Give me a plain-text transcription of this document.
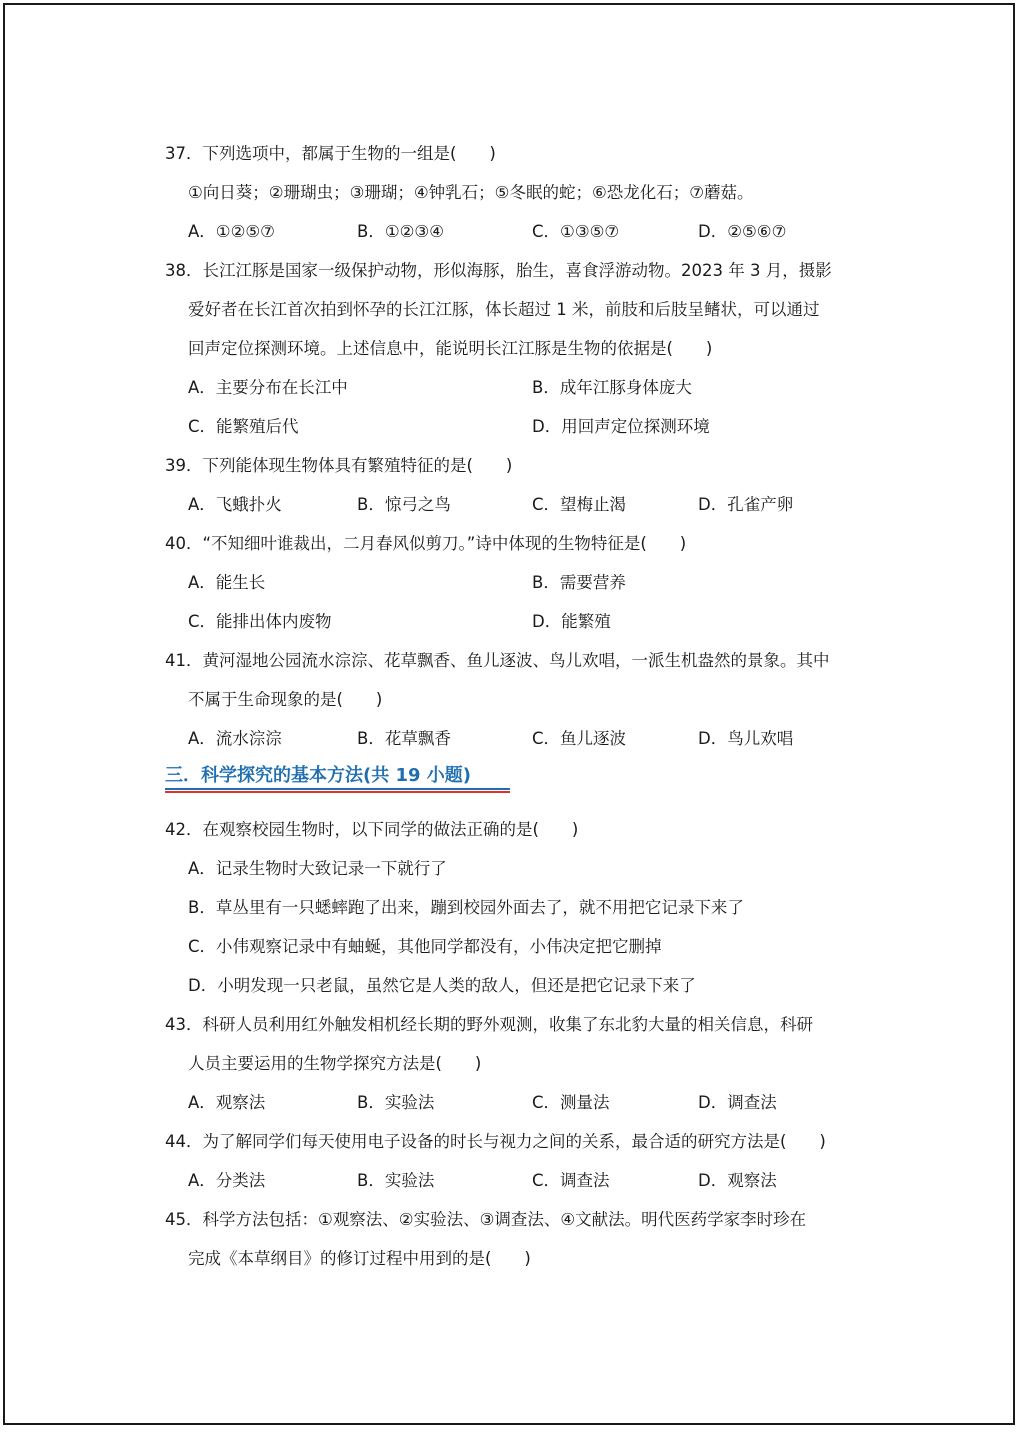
37．下列选项中，都属于生物的一组是(　　)
①向日葵；②珊瑚虫；③珊瑚；④钟乳石；⑤冬眠的蛇；⑥恐龙化石；⑦蘑菇。
A．①②⑤⑦	B．①②③④	C．①③⑤⑦	D．②⑤⑥⑦
38．长江江豚是国家一级保护动物，形似海豚，胎生，喜食浮游动物。2023 年 3 月，摄影
爱好者在长江首次拍到怀孕的长江江豚，体长超过 1 米，前肢和后肢呈鳍状，可以通过
回声定位探测环境。上述信息中，能说明长江江豚是生物的依据是(　　)
A．主要分布在长江中	B．成年江豚身体庞大
C．能繁殖后代	D．用回声定位探测环境
39．下列能体现生物体具有繁殖特征的是(　　)
A．飞蛾扑火	B．惊弓之鸟	C．望梅止渴	D．孔雀产卵
40．“不知细叶谁裁出，二月春风似剪刀。”诗中体现的生物特征是(　　)
A．能生长	B．需要营养
C．能排出体内废物	D．能繁殖
41．黄河湿地公园流水淙淙、花草飘香、鱼儿逐波、鸟儿欢唱，一派生机盎然的景象。其中
不属于生命现象的是(　　)
A．流水淙淙	B．花草飘香	C．鱼儿逐波	D．鸟儿欢唱
三．科学探究的基本方法(共 19 小题)
42．在观察校园生物时，以下同学的做法正确的是(　　)
A．记录生物时大致记录一下就行了
B．草丛里有一只蟋蟀跑了出来，蹦到校园外面去了，就不用把它记录下来了
C．小伟观察记录中有蚰蜒，其他同学都没有，小伟决定把它删掉
D．小明发现一只老鼠，虽然它是人类的敌人，但还是把它记录下来了
43．科研人员利用红外触发相机经长期的野外观测，收集了东北豹大量的相关信息，科研
人员主要运用的生物学探究方法是(　　)
A．观察法	B．实验法	C．测量法	D．调查法
44．为了解同学们每天使用电子设备的时长与视力之间的关系，最合适的研究方法是(　　)
A．分类法	B．实验法	C．调查法	D．观察法
45．科学方法包括：①观察法、②实验法、③调查法、④文献法。明代医药学家李时珍在
完成《本草纲目》的修订过程中用到的是(　　)
